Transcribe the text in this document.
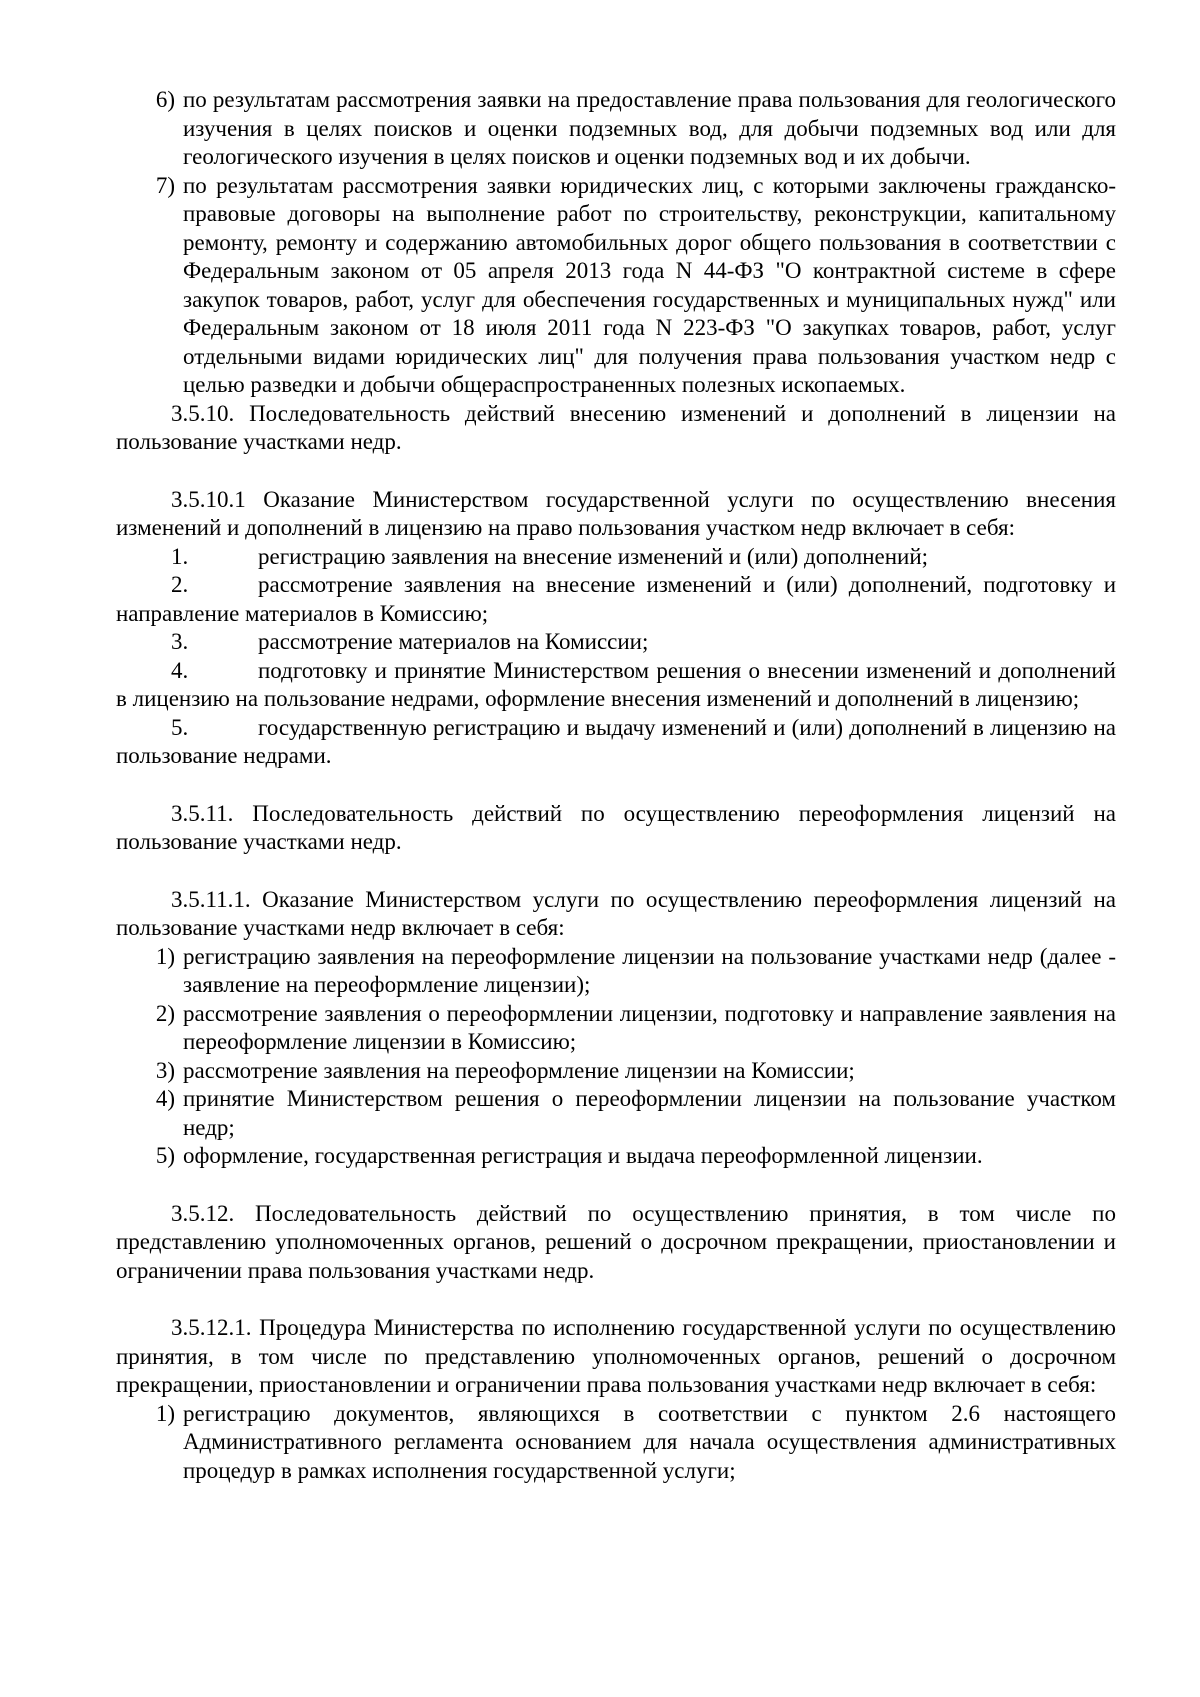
6) по результатам рассмотрения заявки на предоставление права пользования для геологического изучения в целях поисков и оценки подземных вод, для добычи подземных вод или для геологического изучения в целях поисков и оценки подземных вод и их добычи.
7) по результатам рассмотрения заявки юридических лиц, с которыми заключены гражданско-правовые договоры на выполнение работ по строительству, реконструкции, капитальному ремонту, ремонту и содержанию автомобильных дорог общего пользования в соответствии с Федеральным законом от 05 апреля 2013 года N 44-ФЗ "О контрактной системе в сфере закупок товаров, работ, услуг для обеспечения государственных и муниципальных нужд" или Федеральным законом от 18 июля 2011 года N 223-ФЗ "О закупках товаров, работ, услуг отдельными видами юридических лиц" для получения права пользования участком недр с целью разведки и добычи общераспространенных полезных ископаемых.

3.5.10. Последовательность действий внесению изменений и дополнений в лицензии на пользование участками недр.

3.5.10.1 Оказание Министерством государственной услуги по осуществлению внесения изменений и дополнений в лицензию на право пользования участком недр включает в себя:

1.	регистрацию заявления на внесение изменений и (или) дополнений;

2.	рассмотрение заявления на внесение изменений и (или) дополнений, подготовку и направление материалов в Комиссию;

3.	рассмотрение материалов на Комиссии;

4.	подготовку и принятие Министерством решения о внесении изменений и дополнений в лицензию на пользование недрами, оформление внесения изменений и дополнений в лицензию;

5.	государственную регистрацию и выдачу изменений и (или) дополнений в лицензию на пользование недрами.

3.5.11. Последовательность действий по осуществлению переоформления лицензий на пользование участками недр.

3.5.11.1. Оказание Министерством услуги по осуществлению переоформления лицензий на пользование участками недр включает в себя:

1) регистрацию заявления на переоформление лицензии на пользование участками недр (далее - заявление на переоформление лицензии);
2) рассмотрение заявления о переоформлении лицензии, подготовку и направление заявления на переоформление лицензии в Комиссию;
3) рассмотрение заявления на переоформление лицензии на Комиссии;
4) принятие Министерством решения о переоформлении лицензии на пользование участком недр;
5) оформление, государственная регистрация и выдача переоформленной лицензии.

3.5.12. Последовательность действий по осуществлению принятия, в том числе по представлению уполномоченных органов, решений о досрочном прекращении, приостановлении и ограничении права пользования участками недр.

3.5.12.1. Процедура Министерства по исполнению государственной услуги по осуществлению принятия, в том числе по представлению уполномоченных органов, решений о досрочном прекращении, приостановлении и ограничении права пользования участками недр включает в себя:

1) регистрацию документов, являющихся в соответствии с пунктом 2.6 настоящего Административного регламента основанием для начала осуществления административных процедур в рамках исполнения государственной услуги;
